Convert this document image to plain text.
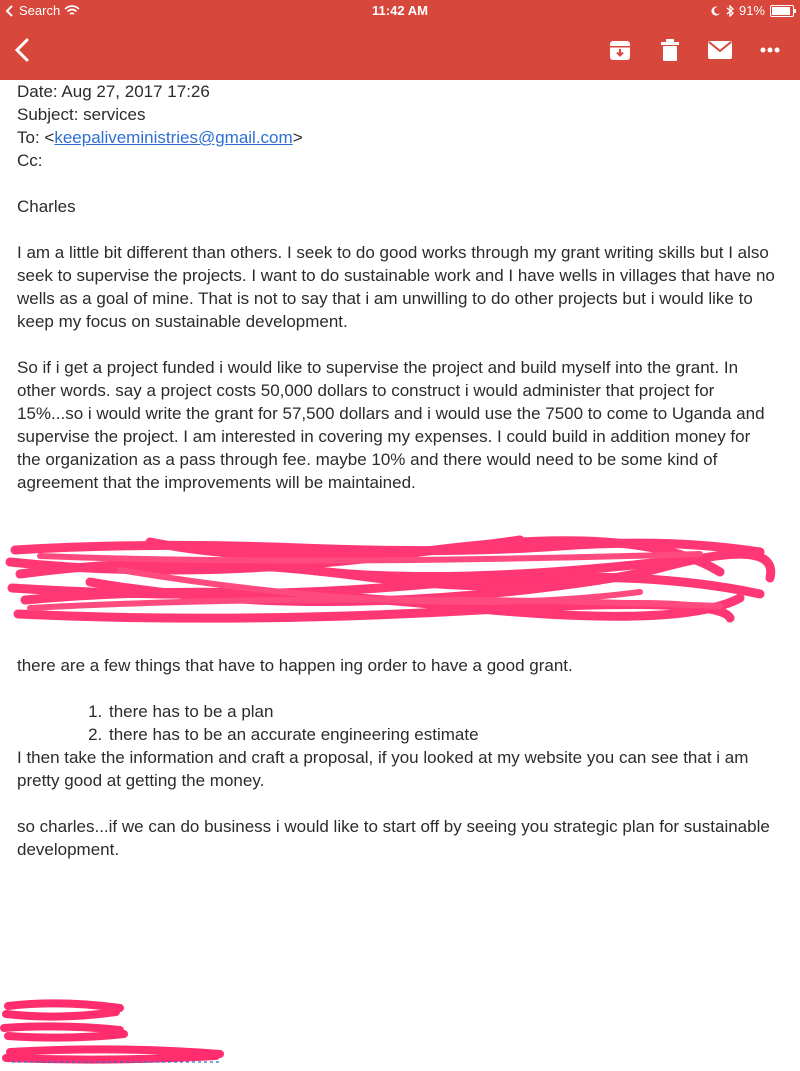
Search	11:42 AM	91%

Date: Aug 27, 2017 17:26

Subject: services

To: <keepaliveministries@gmail.com>

Cc:

Charles

I am a little bit different than others. I seek to do good works through my grant writing skills but I also seek to supervise the projects. I want to do sustainable work and I have wells in villages that have no wells as a goal of mine. That is not to say that i am unwilling to do other projects but i would like to keep my focus on sustainable development.

So if i get a project funded i would like to supervise the project and build myself into the grant. In other words. say a project costs 50,000 dollars to construct i would administer that project for 15%...so i would write the grant for 57,500 dollars and i would use the 7500 to come to Uganda and supervise the project. I am interested in covering my expenses. I could build in addition money for the organization as a pass through fee. maybe 10% and there would need to be some kind of agreement that the improvements will be maintained.

there are a few things that have to happen ing order to have a good grant.

1. there has to be a plan
2. there has to be an accurate engineering estimate

I then take the information and craft a proposal, if you looked at my website you can see that i am pretty good at getting the money.

so charles...if we can do business i would like to start off by seeing you strategic plan for sustainable development.
